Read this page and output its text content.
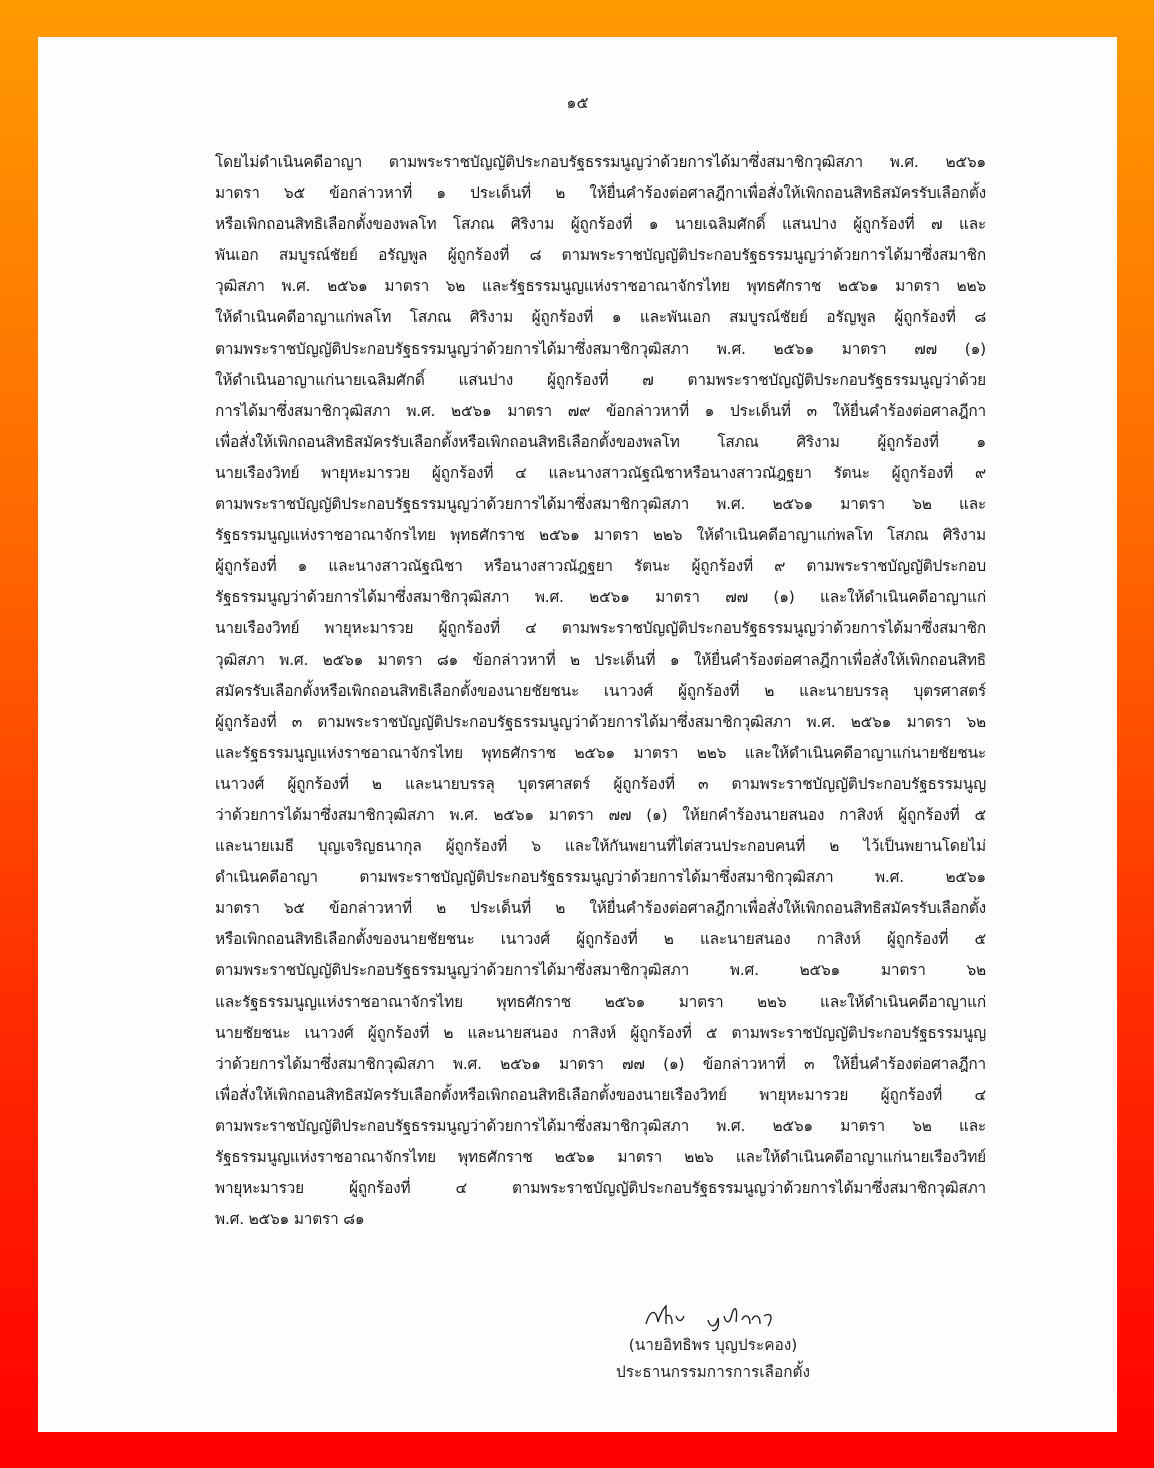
๑๕
โดยไม่ดำเนินคดีอาญา ตามพระราชบัญญัติประกอบรัฐธรรมนูญว่าด้วยการได้มาซึ่งสมาชิกวุฒิสภา พ.ศ. ๒๕๖๑
มาตรา ๖๕ ข้อกล่าวหาที่ ๑ ประเด็นที่ ๒ ให้ยื่นคำร้องต่อศาลฎีกาเพื่อสั่งให้เพิกถอนสิทธิสมัครรับเลือกตั้ง
หรือเพิกถอนสิทธิเลือกตั้งของพลโท โสภณ ศิริงาม ผู้ถูกร้องที่ ๑ นายเฉลิมศักดิ์ แสนปาง ผู้ถูกร้องที่ ๗ และ
พันเอก สมบูรณ์ชัยย์ อรัญพูล ผู้ถูกร้องที่ ๘ ตามพระราชบัญญัติประกอบรัฐธรรมนูญว่าด้วยการได้มาซึ่งสมาชิก
วุฒิสภา พ.ศ. ๒๕๖๑ มาตรา ๖๒ และรัฐธรรมนูญแห่งราชอาณาจักรไทย พุทธศักราช ๒๕๖๑ มาตรา ๒๒๖
ให้ดำเนินคดีอาญาแก่พลโท โสภณ ศิริงาม ผู้ถูกร้องที่ ๑ และพันเอก สมบูรณ์ชัยย์ อรัญพูล ผู้ถูกร้องที่ ๘
ตามพระราชบัญญัติประกอบรัฐธรรมนูญว่าด้วยการได้มาซึ่งสมาชิกวุฒิสภา พ.ศ. ๒๕๖๑ มาตรา ๗๗ (๑)
ให้ดำเนินอาญาแก่นายเฉลิมศักดิ์ แสนปาง ผู้ถูกร้องที่ ๗ ตามพระราชบัญญัติประกอบรัฐธรรมนูญว่าด้วย
การได้มาซึ่งสมาชิกวุฒิสภา พ.ศ. ๒๕๖๑ มาตรา ๗๙ ข้อกล่าวหาที่ ๑ ประเด็นที่ ๓ ให้ยื่นคำร้องต่อศาลฎีกา
เพื่อสั่งให้เพิกถอนสิทธิสมัครรับเลือกตั้งหรือเพิกถอนสิทธิเลือกตั้งของพลโท โสภณ ศิริงาม ผู้ถูกร้องที่ ๑
นายเรืองวิทย์ พายุหะมารวย ผู้ถูกร้องที่ ๔ และนางสาวณัฐณิชาหรือนางสาวณัฎฐยา รัตนะ ผู้ถูกร้องที่ ๙
ตามพระราชบัญญัติประกอบรัฐธรรมนูญว่าด้วยการได้มาซึ่งสมาชิกวุฒิสภา พ.ศ. ๒๕๖๑ มาตรา ๖๒ และ
รัฐธรรมนูญแห่งราชอาณาจักรไทย พุทธศักราช ๒๕๖๑ มาตรา ๒๒๖ ให้ดำเนินคดีอาญาแก่พลโท โสภณ ศิริงาม
ผู้ถูกร้องที่ ๑ และนางสาวณัฐณิชา หรือนางสาวณัฎฐยา รัตนะ ผู้ถูกร้องที่ ๙ ตามพระราชบัญญัติประกอบ
รัฐธรรมนูญว่าด้วยการได้มาซึ่งสมาชิกวุฒิสภา พ.ศ. ๒๕๖๑ มาตรา ๗๗ (๑) และให้ดำเนินคดีอาญาแก่
นายเรืองวิทย์ พายุหะมารวย ผู้ถูกร้องที่ ๔ ตามพระราชบัญญัติประกอบรัฐธรรมนูญว่าด้วยการได้มาซึ่งสมาชิก
วุฒิสภา พ.ศ. ๒๕๖๑ มาตรา ๘๑ ข้อกล่าวหาที่ ๒ ประเด็นที่ ๑ ให้ยื่นคำร้องต่อศาลฎีกาเพื่อสั่งให้เพิกถอนสิทธิ
สมัครรับเลือกตั้งหรือเพิกถอนสิทธิเลือกตั้งของนายชัยชนะ เนาวงศ์ ผู้ถูกร้องที่ ๒ และนายบรรลุ บุตรศาสตร์
ผู้ถูกร้องที่ ๓ ตามพระราชบัญญัติประกอบรัฐธรรมนูญว่าด้วยการได้มาซึ่งสมาชิกวุฒิสภา พ.ศ. ๒๕๖๑ มาตรา ๖๒
และรัฐธรรมนูญแห่งราชอาณาจักรไทย พุทธศักราช ๒๕๖๑ มาตรา ๒๒๖ และให้ดำเนินคดีอาญาแก่นายชัยชนะ
เนาวงศ์ ผู้ถูกร้องที่ ๒ และนายบรรลุ บุตรศาสตร์ ผู้ถูกร้องที่ ๓ ตามพระราชบัญญัติประกอบรัฐธรรมนูญ
ว่าด้วยการได้มาซึ่งสมาชิกวุฒิสภา พ.ศ. ๒๕๖๑ มาตรา ๗๗ (๑) ให้ยกคำร้องนายสนอง กาสิงห์ ผู้ถูกร้องที่ ๕
และนายเมธี บุญเจริญธนากุล ผู้ถูกร้องที่ ๖ และให้กันพยานที่ไต่สวนประกอบคนที่ ๒ ไว้เป็นพยานโดยไม่
ดำเนินคดีอาญา ตามพระราชบัญญัติประกอบรัฐธรรมนูญว่าด้วยการได้มาซึ่งสมาชิกวุฒิสภา พ.ศ. ๒๕๖๑
มาตรา ๖๕ ข้อกล่าวหาที่ ๒ ประเด็นที่ ๒ ให้ยื่นคำร้องต่อศาลฎีกาเพื่อสั่งให้เพิกถอนสิทธิสมัครรับเลือกตั้ง
หรือเพิกถอนสิทธิเลือกตั้งของนายชัยชนะ เนาวงศ์ ผู้ถูกร้องที่ ๒ และนายสนอง กาสิงห์ ผู้ถูกร้องที่ ๕
ตามพระราชบัญญัติประกอบรัฐธรรมนูญว่าด้วยการได้มาซึ่งสมาชิกวุฒิสภา พ.ศ. ๒๕๖๑ มาตรา ๖๒
และรัฐธรรมนูญแห่งราชอาณาจักรไทย พุทธศักราช ๒๕๖๑ มาตรา ๒๒๖ และให้ดำเนินคดีอาญาแก่
นายชัยชนะ เนาวงศ์ ผู้ถูกร้องที่ ๒ และนายสนอง กาสิงห์ ผู้ถูกร้องที่ ๕ ตามพระราชบัญญัติประกอบรัฐธรรมนูญ
ว่าด้วยการได้มาซึ่งสมาชิกวุฒิสภา พ.ศ. ๒๕๖๑ มาตรา ๗๗ (๑) ข้อกล่าวหาที่ ๓ ให้ยื่นคำร้องต่อศาลฎีกา
เพื่อสั่งให้เพิกถอนสิทธิสมัครรับเลือกตั้งหรือเพิกถอนสิทธิเลือกตั้งของนายเรืองวิทย์ พายุหะมารวย ผู้ถูกร้องที่ ๔
ตามพระราชบัญญัติประกอบรัฐธรรมนูญว่าด้วยการได้มาซึ่งสมาชิกวุฒิสภา พ.ศ. ๒๕๖๑ มาตรา ๖๒ และ
รัฐธรรมนูญแห่งราชอาณาจักรไทย พุทธศักราช ๒๕๖๑ มาตรา ๒๒๖ และให้ดำเนินคดีอาญาแก่นายเรืองวิทย์
พายุหะมารวย ผู้ถูกร้องที่ ๔ ตามพระราชบัญญัติประกอบรัฐธรรมนูญว่าด้วยการได้มาซึ่งสมาชิกวุฒิสภา
พ.ศ. ๒๕๖๑ มาตรา ๘๑
(นายอิทธิพร บุญประคอง)
ประธานกรรมการการเลือกตั้ง
